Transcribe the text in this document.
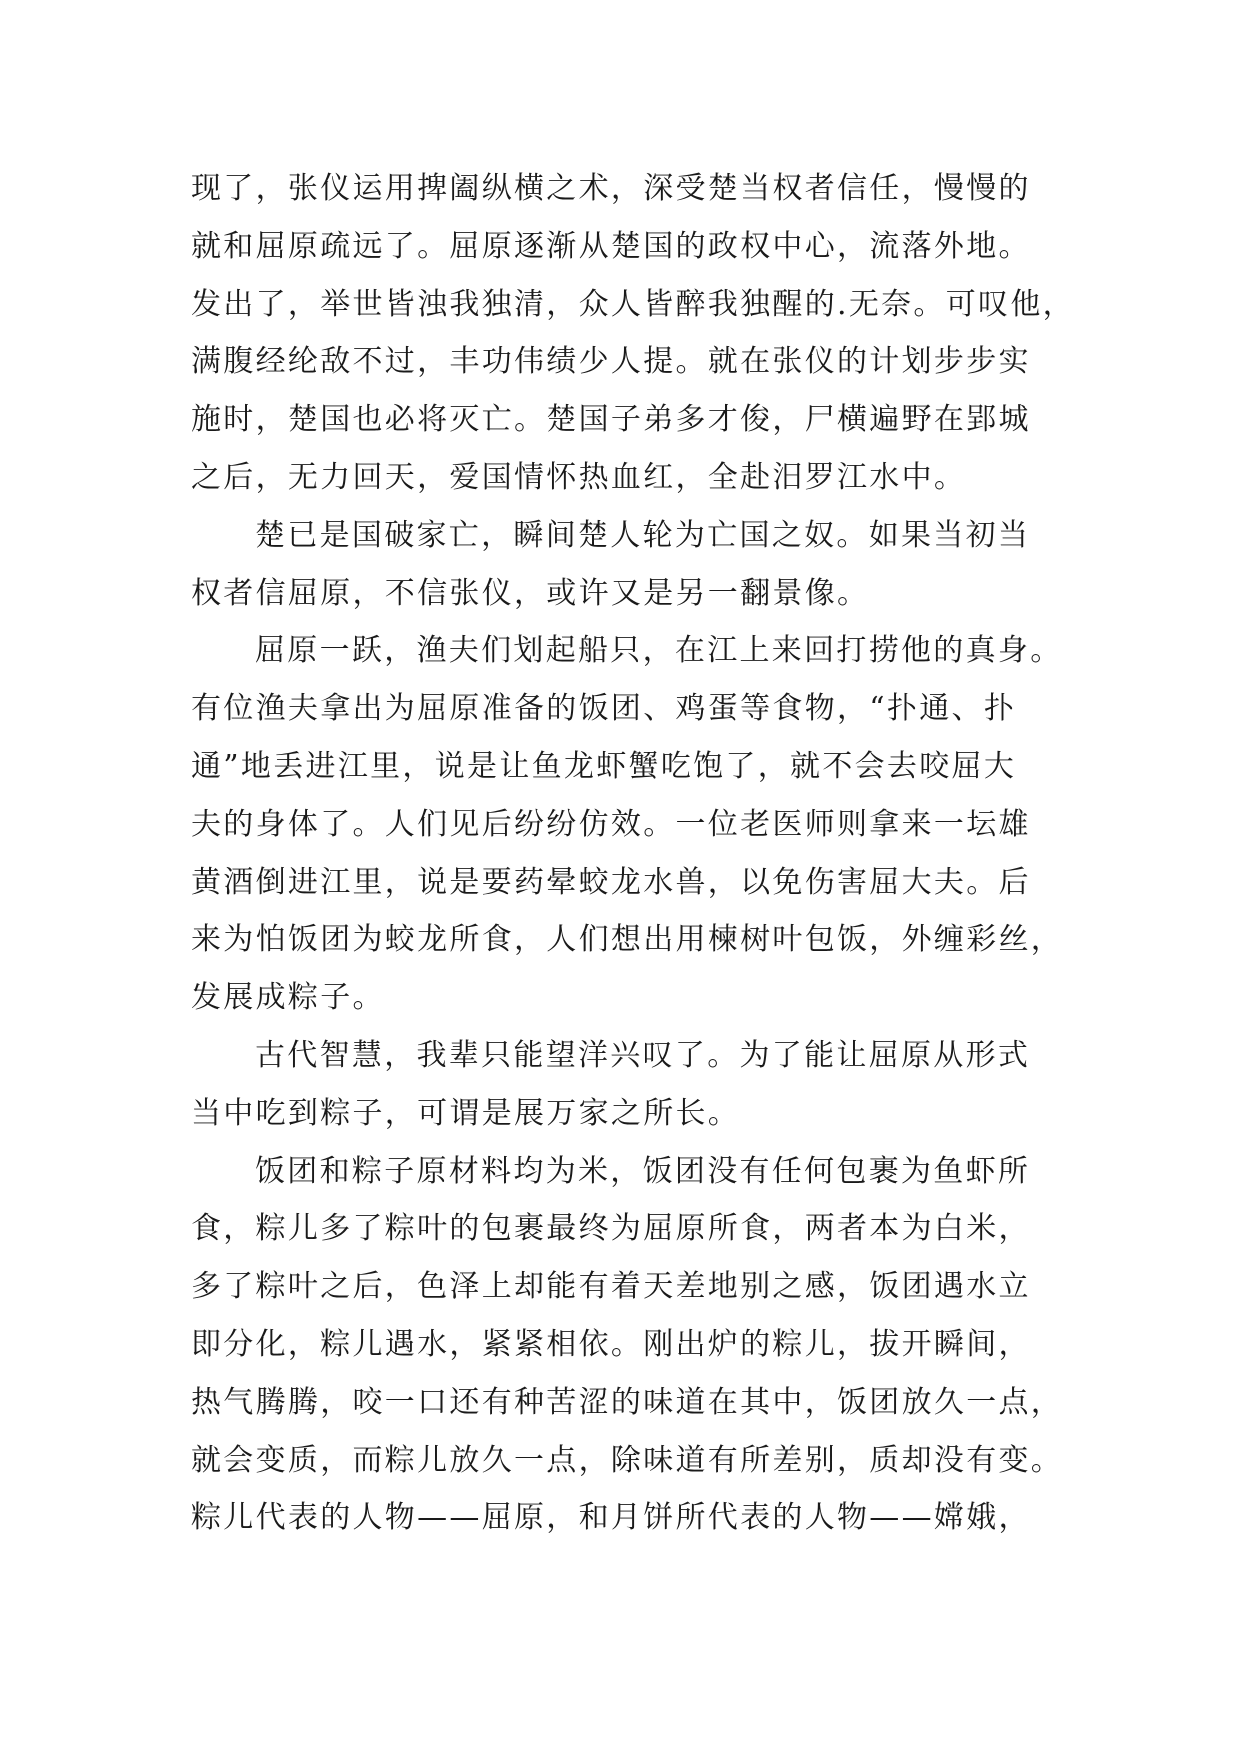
现了，张仪运用捭阖纵横之术，深受楚当权者信任，慢慢的
就和屈原疏远了。屈原逐渐从楚国的政权中心，流落外地。
发出了，举世皆浊我独清，众人皆醉我独醒的.无奈。可叹他，
满腹经纶敌不过，丰功伟绩少人提。就在张仪的计划步步实
施时，楚国也必将灭亡。楚国子弟多才俊，尸横遍野在郢城
之后，无力回天，爱国情怀热血红，全赴汨罗江水中。
楚已是国破家亡，瞬间楚人轮为亡国之奴。如果当初当
权者信屈原，不信张仪，或许又是另一翻景像。
屈原一跃，渔夫们划起船只，在江上来回打捞他的真身。
有位渔夫拿出为屈原准备的饭团、鸡蛋等食物，“扑通、扑
通”地丢进江里，说是让鱼龙虾蟹吃饱了，就不会去咬屈大
夫的身体了。人们见后纷纷仿效。一位老医师则拿来一坛雄
黄酒倒进江里，说是要药晕蛟龙水兽，以免伤害屈大夫。后
来为怕饭团为蛟龙所食，人们想出用楝树叶包饭，外缠彩丝，
发展成粽子。
古代智慧，我辈只能望洋兴叹了。为了能让屈原从形式
当中吃到粽子，可谓是展万家之所长。
饭团和粽子原材料均为米，饭团没有任何包裹为鱼虾所
食，粽儿多了粽叶的包裹最终为屈原所食，两者本为白米，
多了粽叶之后，色泽上却能有着天差地别之感，饭团遇水立
即分化，粽儿遇水，紧紧相依。刚出炉的粽儿，拔开瞬间，
热气腾腾，咬一口还有种苦涩的味道在其中，饭团放久一点，
就会变质，而粽儿放久一点，除味道有所差别，质却没有变。
粽儿代表的人物——屈原，和月饼所代表的人物——嫦娥，
